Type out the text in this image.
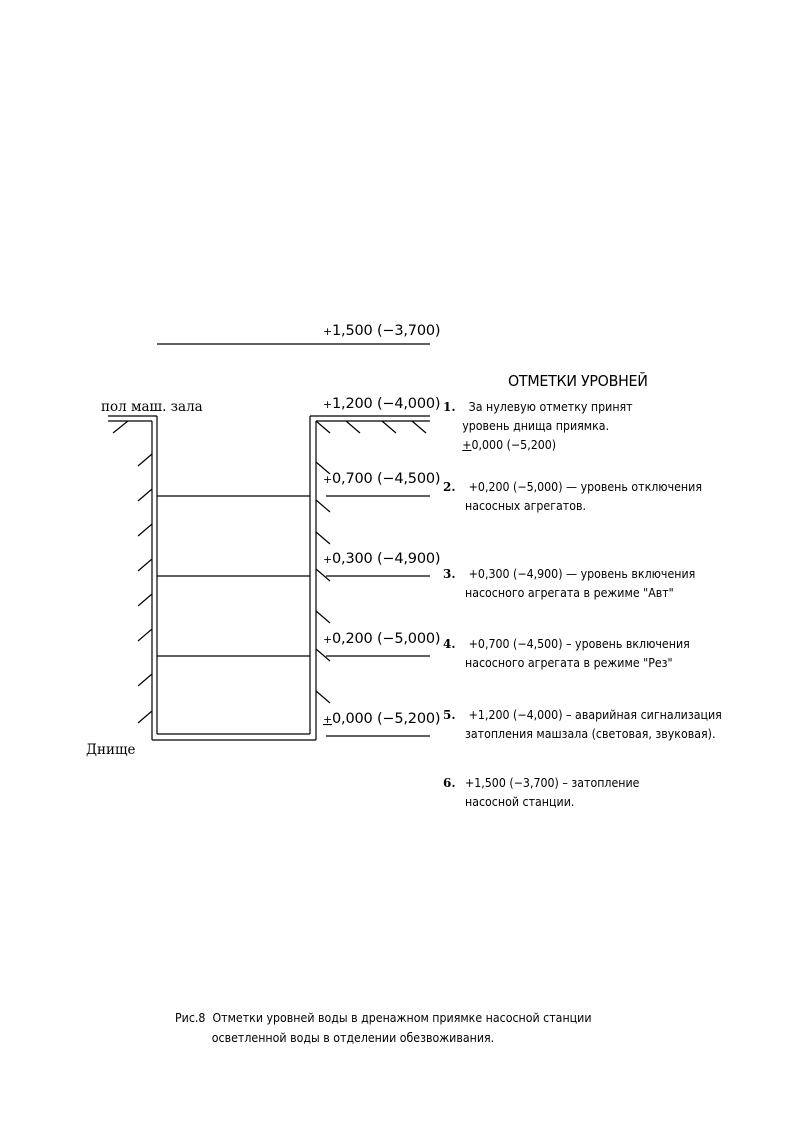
+1,500 (−3,700)
+1,200 (−4,000)
+0,700 (−4,500)
+0,300 (−4,900)
+0,200 (−5,000)
+0,000 (−5,200)
пол маш. зала
Днище
ОТМЕТКИ УРОВНЕЙ
1.	За нулевую отметку принят
уровень днища приямка.
+0,000 (−5,200)
2.	+0,200 (−5,000) — уровень отключения
насосных агрегатов.
3.	+0,300 (−4,900) — уровень включения
насосного агрегата в режиме "Авт"
4.	+0,700 (−4,500) – уровень включения
насосного агрегата в режиме "Рез"
5.	+1,200 (−4,000) – аварийная сигнализация
затопления машзала (световая, звуковая).
6. +1,500 (−3,700) – затопление
насосной станции.
Рис.8 Отметки уровней воды в дренажном приямке насосной станции
осветленной воды в отделении обезвоживания.
